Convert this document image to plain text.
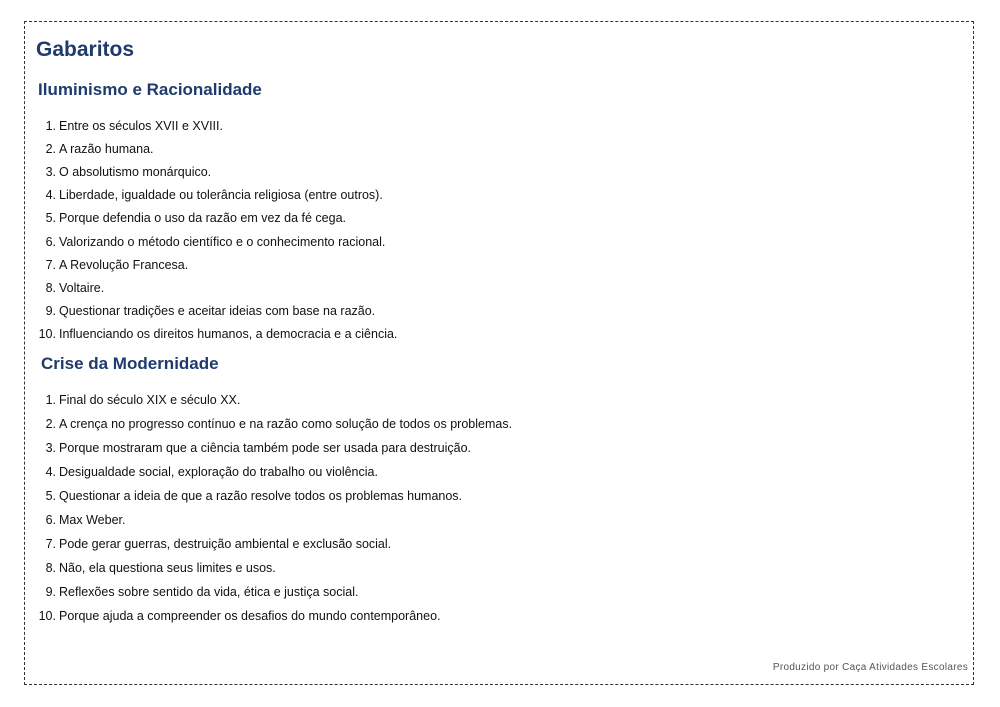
Gabaritos
Iluminismo e Racionalidade
1. Entre os séculos XVII e XVIII.
2. A razão humana.
3. O absolutismo monárquico.
4. Liberdade, igualdade ou tolerância religiosa (entre outros).
5. Porque defendia o uso da razão em vez da fé cega.
6. Valorizando o método científico e o conhecimento racional.
7. A Revolução Francesa.
8. Voltaire.
9. Questionar tradições e aceitar ideias com base na razão.
10. Influenciando os direitos humanos, a democracia e a ciência.
Crise da Modernidade
1. Final do século XIX e século XX.
2. A crença no progresso contínuo e na razão como solução de todos os problemas.
3. Porque mostraram que a ciência também pode ser usada para destruição.
4. Desigualdade social, exploração do trabalho ou violência.
5. Questionar a ideia de que a razão resolve todos os problemas humanos.
6. Max Weber.
7. Pode gerar guerras, destruição ambiental e exclusão social.
8. Não, ela questiona seus limites e usos.
9. Reflexões sobre sentido da vida, ética e justiça social.
10. Porque ajuda a compreender os desafios do mundo contemporâneo.
Produzido por Caça Atividades Escolares
